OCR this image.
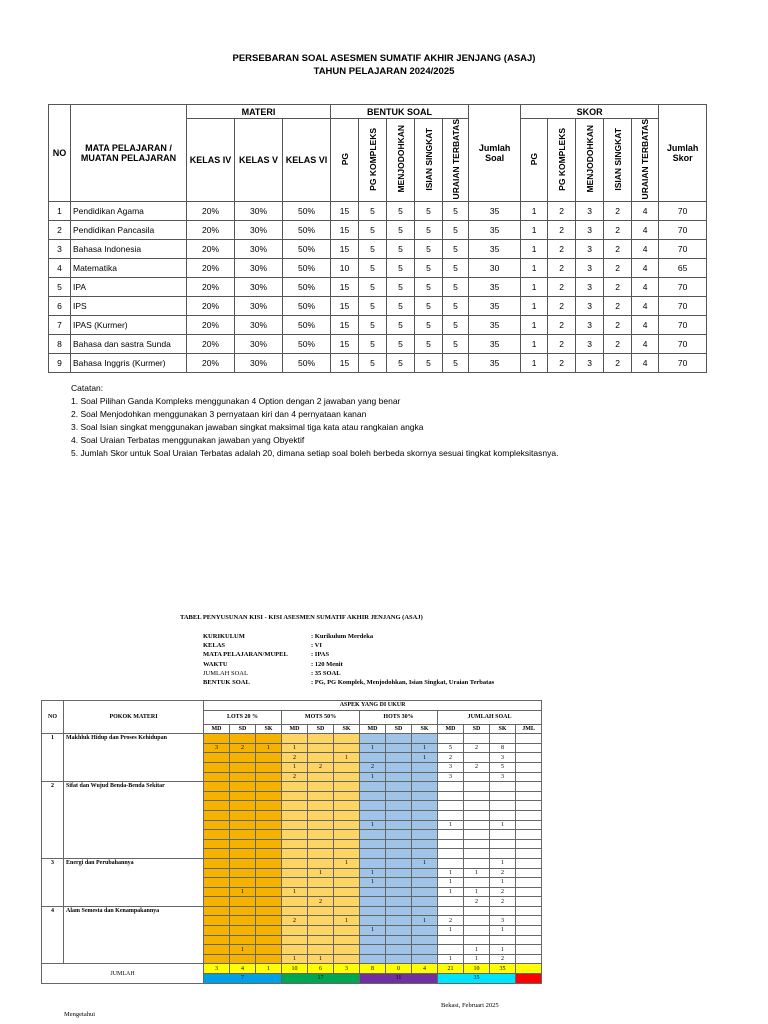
PERSEBARAN SOAL ASESMEN SUMATIF AKHIR JENJANG (ASAJ)
TAHUN PELAJARAN 2024/2025
NO	MATA PELAJARAN / MUATAN PELAJARAN	MATERI			BENTUK SOAL					Jumlah Soal	SKOR					Jumlah Skor
		KELAS IV	KELAS V	KELAS VI	PG	PG KOMPLEKS	MENJODOHKAN	ISIAN SINGKAT	URAIAN TERBATAS		PG	PG KOMPLEKS	MENJODOHKAN	ISIAN SINGKAT	URAIAN TERBATAS	
1	Pendidikan Agama	20%	30%	50%	15	5	5	5	5	35	1	2	3	2	4	70
2	Pendidikan Pancasila	20%	30%	50%	15	5	5	5	5	35	1	2	3	2	4	70
3	Bahasa Indonesia	20%	30%	50%	15	5	5	5	5	35	1	2	3	2	4	70
4	Matematika	20%	30%	50%	10	5	5	5	5	30	1	2	3	2	4	65
5	IPA	20%	30%	50%	15	5	5	5	5	35	1	2	3	2	4	70
6	IPS	20%	30%	50%	15	5	5	5	5	35	1	2	3	2	4	70
7	IPAS (Kurmer)	20%	30%	50%	15	5	5	5	5	35	1	2	3	2	4	70
8	Bahasa dan sastra Sunda	20%	30%	50%	15	5	5	5	5	35	1	2	3	2	4	70
9	Bahasa Inggris (Kurmer)	20%	30%	50%	15	5	5	5	5	35	1	2	3	2	4	70
Catatan:
1. Soal Pilihan Ganda Kompleks menggunakan 4 Option dengan 2 jawaban yang benar
2. Soal Menjodohkan menggunakan 3 pernyataan kiri dan 4 pernyataan kanan
3. Soal Isian singkat menggunakan jawaban singkat maksimal tiga kata atau rangkaian angka
4. Soal Uraian Terbatas menggunakan jawaban yang Obyektif
5. Jumlah Skor untuk Soal Uraian Terbatas adalah 20, dimana setiap soal boleh berbeda skornya sesuai tingkat kompleksitasnya.
TABEL PENYUSUNAN KISI - KISI ASESMEN SUMATIF AKHIR JENJANG (ASAJ)
KURIKULUM	: Kurikulum Merdeka
KELAS	: VI
MATA PELAJARAN/MUPEL	: IPAS
WAKTU	: 120 Menit
JUMLAH SOAL	: 35 SOAL
BENTUK SOAL	: PG, PG Komplek, Menjodohkan, Isian Singkat, Uraian Terbatas
NO	POKOK MATERI	ASPEK YANG DI UKUR												
		LOTS 20 %			MOTS 50%			HOTS 30%			JUMLAH SOAL			
		MD	SD	SK	MD	SD	SK	MD	SD	SK	MD	SD	SK	JML
1	Makhluk Hidup dan Proses Kehidupan													
		3	2	1	1			1		1	5	2	8	
					2		1			1	2		3	
					1	2		2			3	2	5	
					2			1			3		3	
2	Sifat dan Wujud Benda-Benda Sekitar													

								1			1		1	

3	Energi dan Perubahannya						1			1			1	
						1		1			1	1	2	
								1			1		1	
			1		1						1	1	2	
						2						2	2	
4	Alam Semesta dan Kenampakannya													
					2		1			1	2		3	
								1			1		1	

			1									1	1	
					1	1					1	1	2	
JUMLAH		3	4	1	10	6	3	8	0	4	21	10	35	
		7			17			11			35			
Bekasi, Februari 2025
Mengetahui
